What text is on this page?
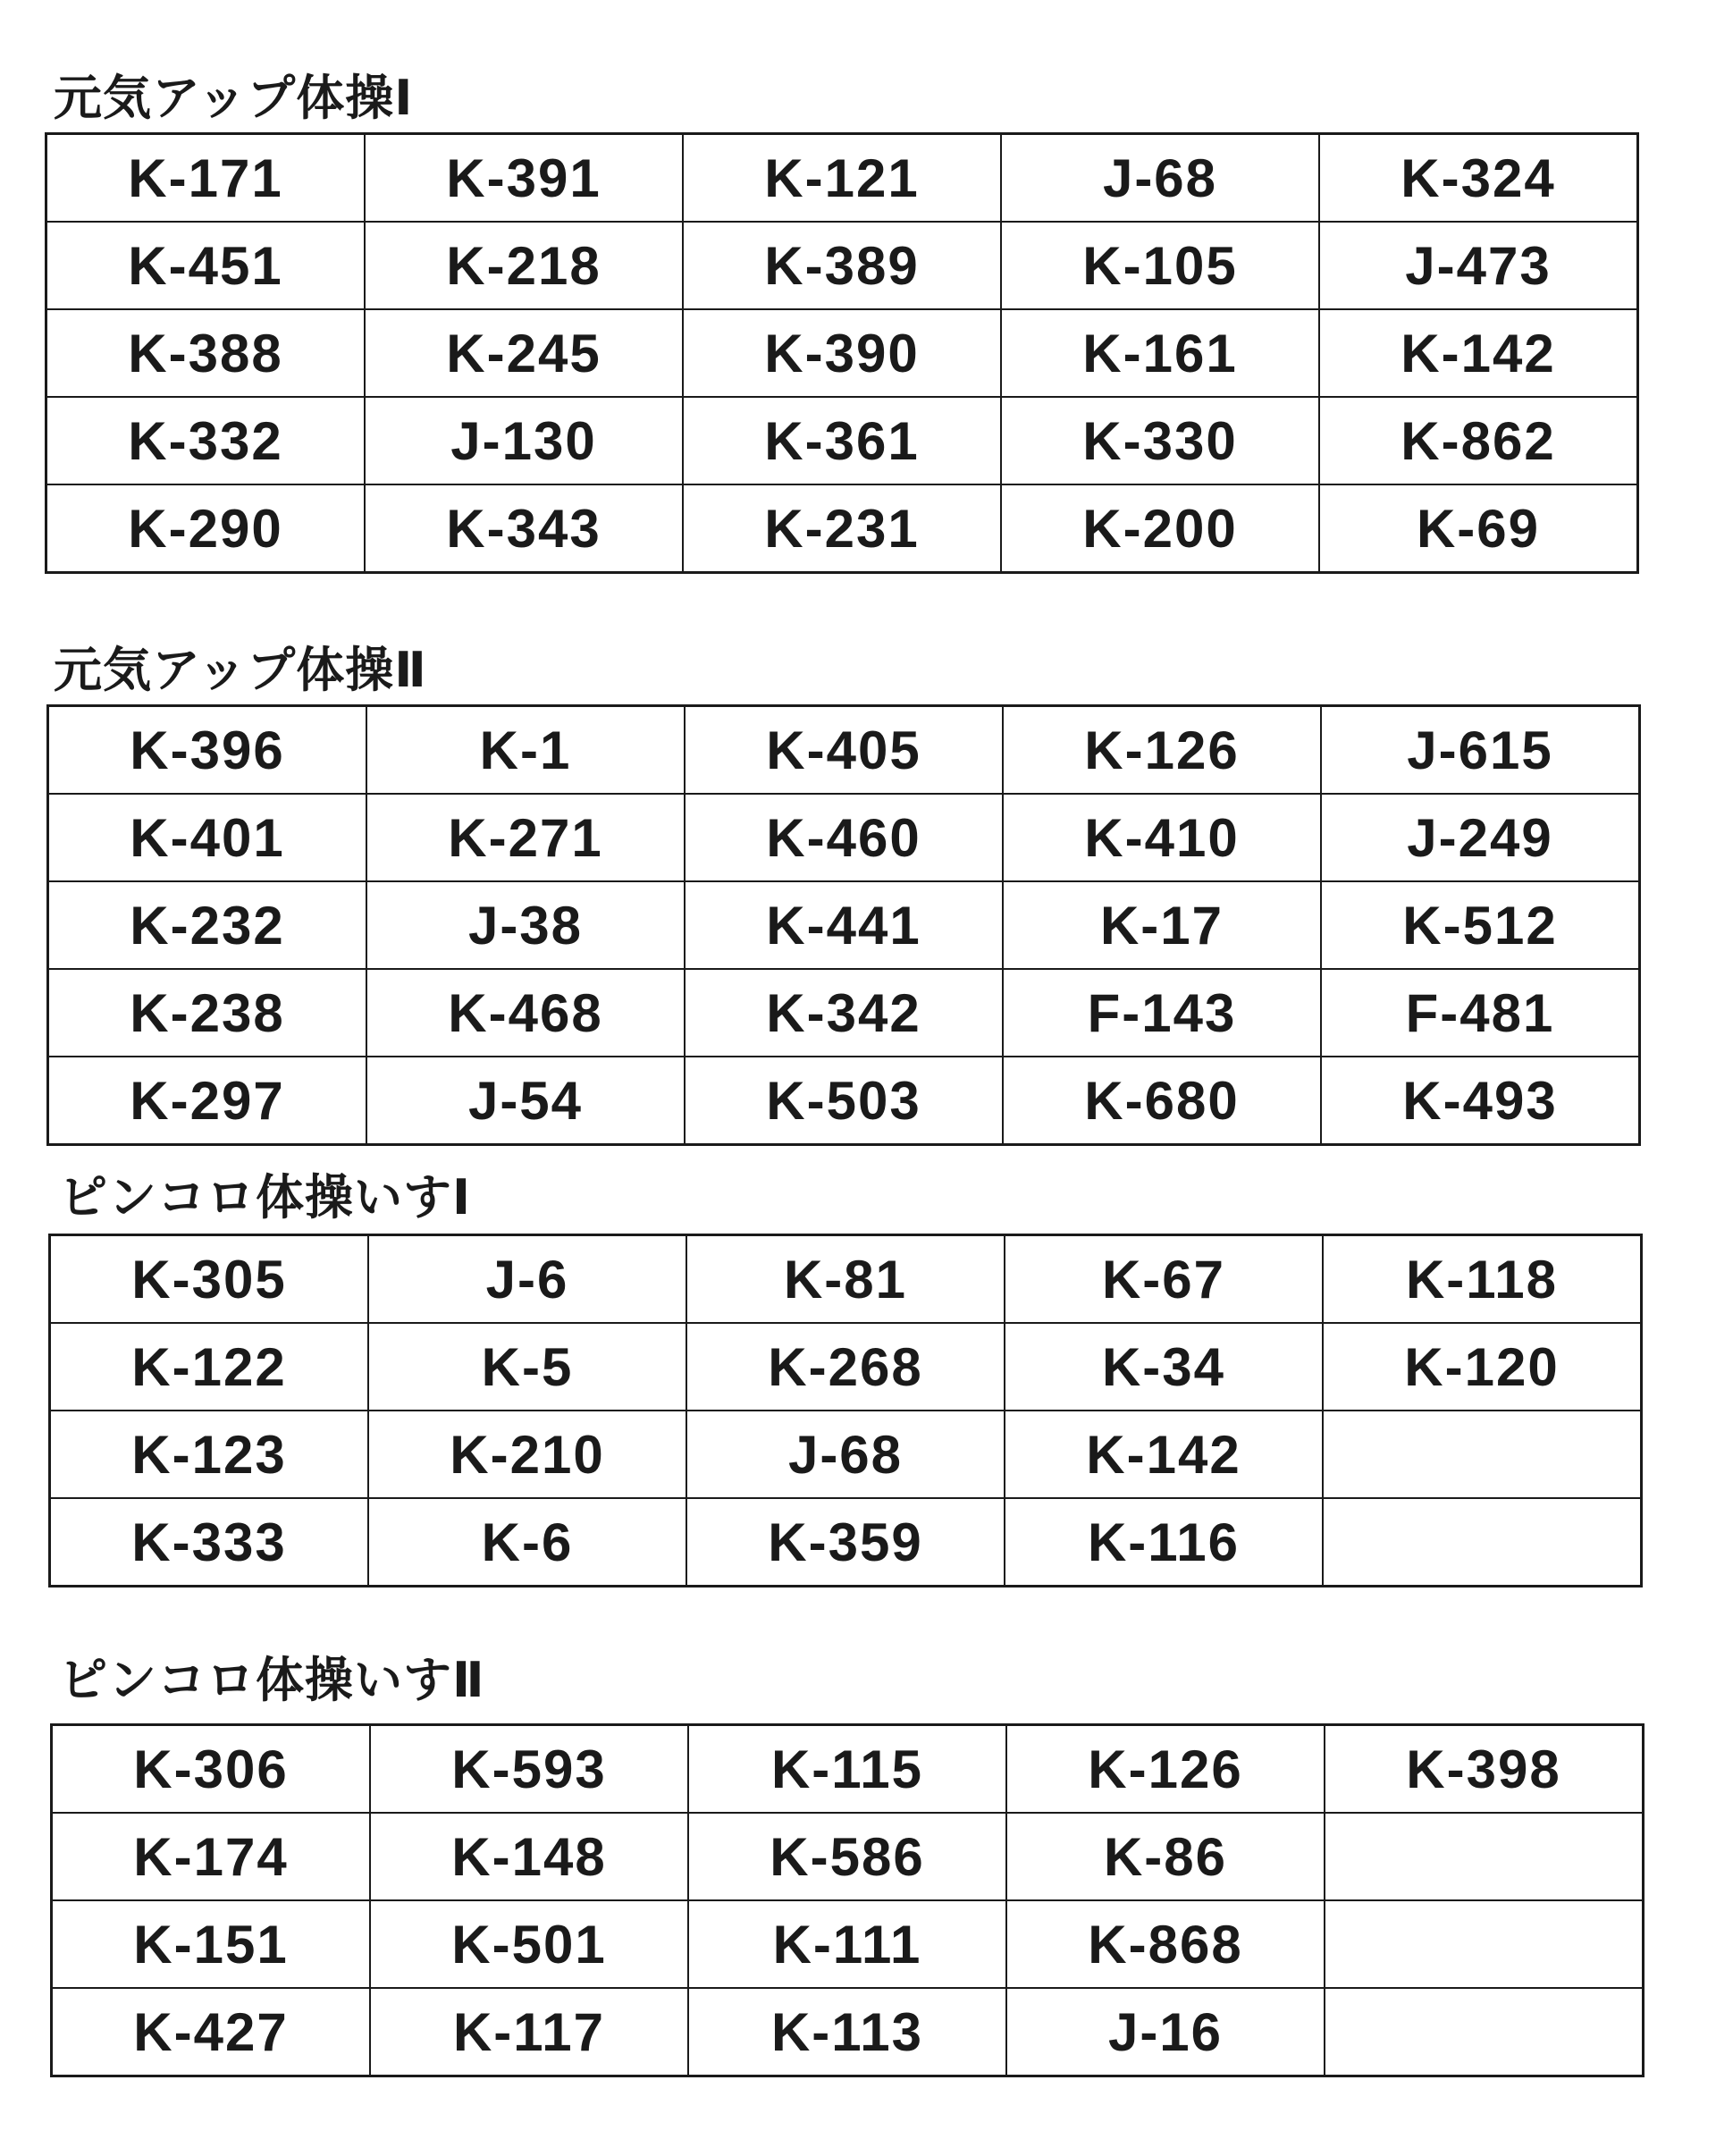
元気アップ体操Ⅰ
K-171	K-391	K-121	J-68	K-324
K-451	K-218	K-389	K-105	J-473
K-388	K-245	K-390	K-161	K-142
K-332	J-130	K-361	K-330	K-862
K-290	K-343	K-231	K-200	K-69
元気アップ体操Ⅱ
K-396	K-1	K-405	K-126	J-615
K-401	K-271	K-460	K-410	J-249
K-232	J-38	K-441	K-17	K-512
K-238	K-468	K-342	F-143	F-481
K-297	J-54	K-503	K-680	K-493
ピンコロ体操いすⅠ
K-305	J-6	K-81	K-67	K-118
K-122	K-5	K-268	K-34	K-120
K-123	K-210	J-68	K-142	
K-333	K-6	K-359	K-116	
ピンコロ体操いすⅡ
K-306	K-593	K-115	K-126	K-398
K-174	K-148	K-586	K-86	
K-151	K-501	K-111	K-868	
K-427	K-117	K-113	J-16	
